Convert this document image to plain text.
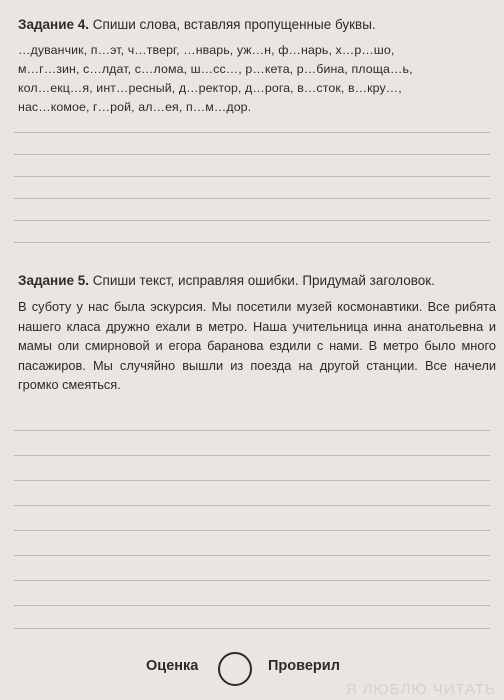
Задание 4. Спиши слова, вставляя пропущенные буквы.
…дуванчик, п…эт, ч…тверг, …нварь, уж…н, ф…нарь, х…р…шо,
м…г…зин, с…лдат, с…лома, ш…сс…, р…кета, р…бина, площа…ь,
кол…екц…я, инт…ресный, д…ректор, д…рога, в…сток, в…кру…,
нас…комое, г…рой, ал…ея, п…м…дор.
Задание 5. Спиши текст, исправляя ошибки. Придумай заголовок.
В суботу у нас была эскурсия. Мы посетили музей космонавтики. Все рибята нашего класа дружно ехали в метро. Наша учительница инна анатольевна и мамы оли смирновой и егора баранова ездили с нами. В метро было много пасажиров. Мы случяйно вышли из поезда на другой станции. Все начели громко смеяться.
Оценка	Проверил
Я ЛЮБЛЮ ЧИТАТЬ
